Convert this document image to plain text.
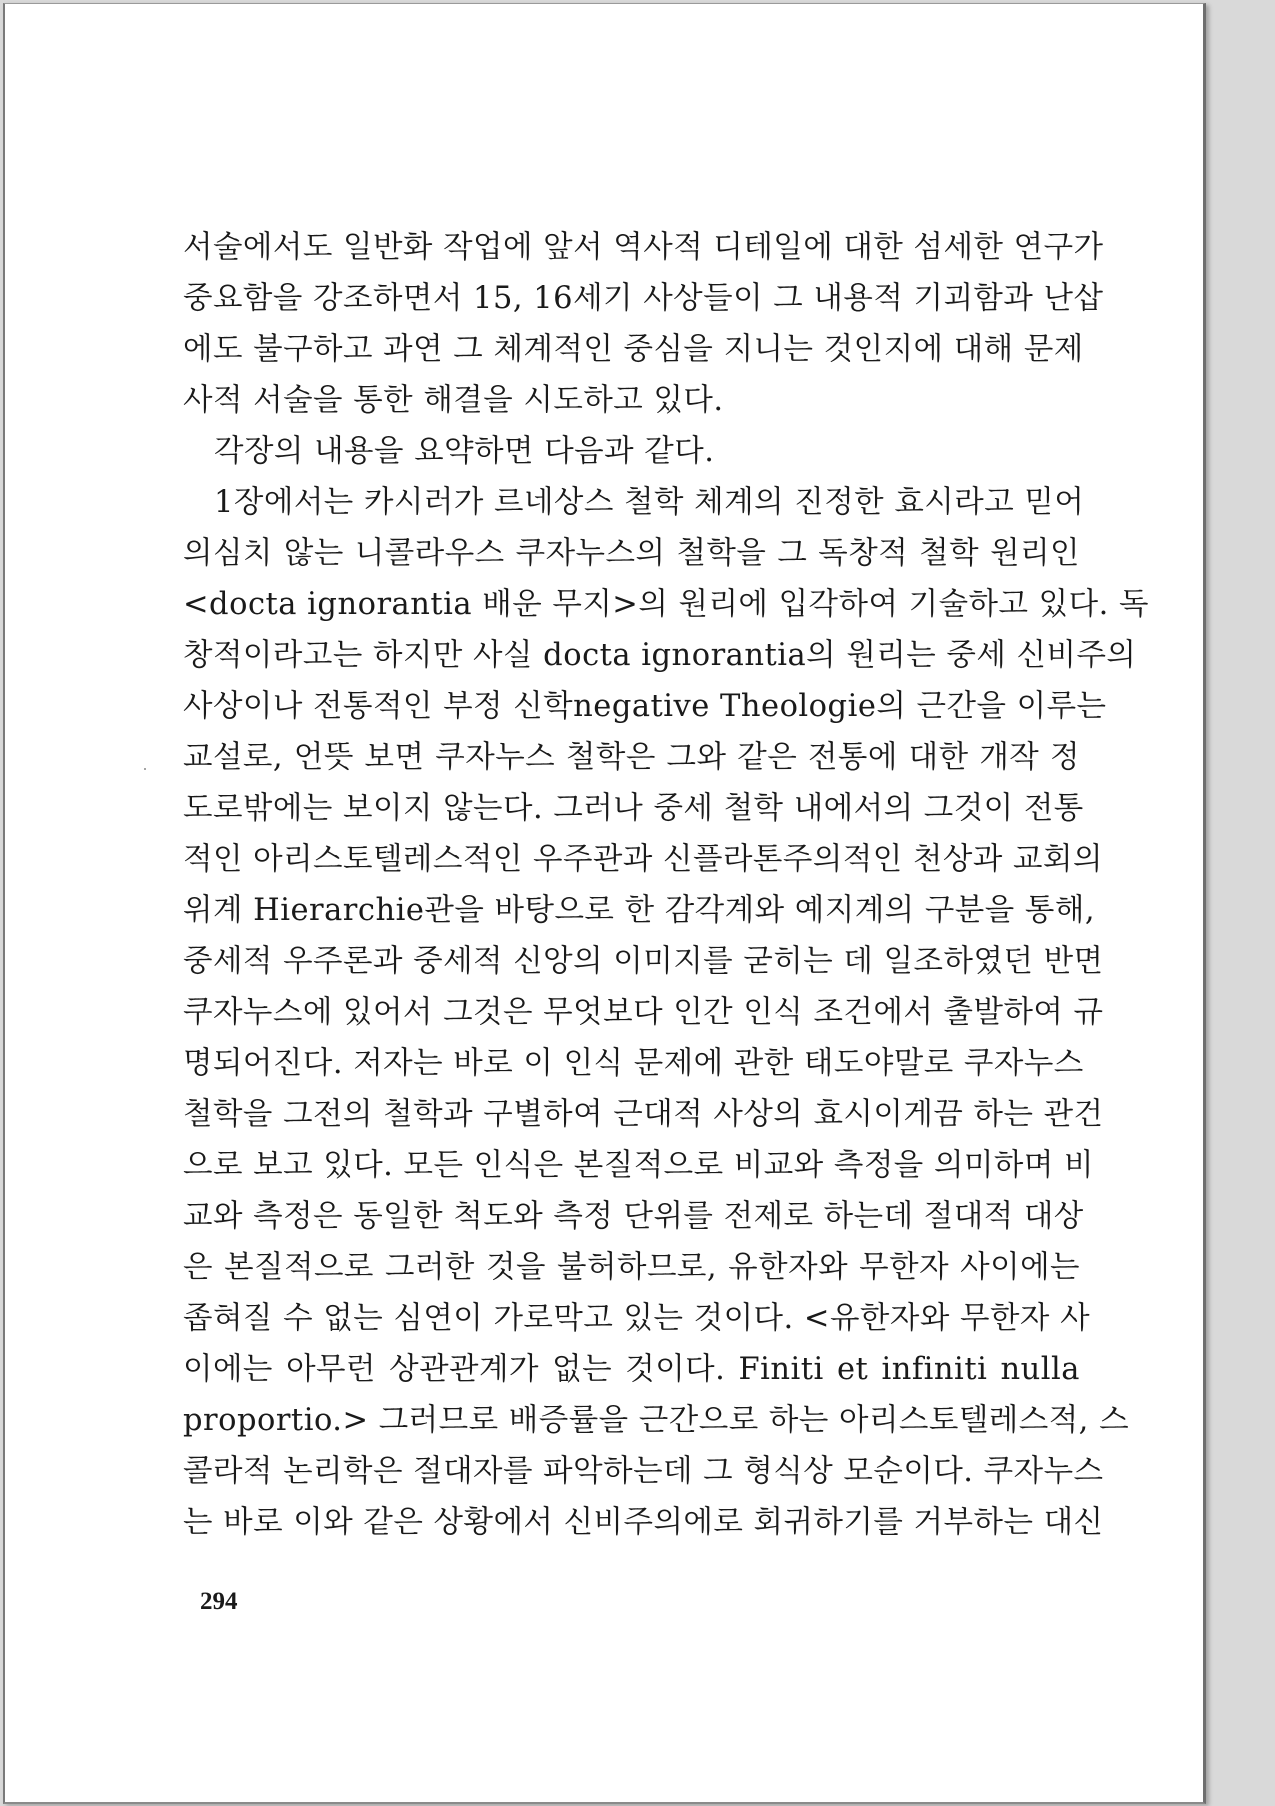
서술에서도 일반화 작업에 앞서 역사적 디테일에 대한 섬세한 연구가
중요함을 강조하면서 15, 16세기 사상들이 그 내용적 기괴함과 난삽
에도 불구하고 과연 그 체계적인 중심을 지니는 것인지에 대해 문제
사적 서술을 통한 해결을 시도하고 있다.
각장의 내용을 요약하면 다음과 같다.
1장에서는 카시러가 르네상스 철학 체계의 진정한 효시라고 믿어
의심치 않는 니콜라우스 쿠자누스의 철학을 그 독창적 철학 원리인
<docta ignorantia 배운 무지>의 원리에 입각하여 기술하고 있다. 독
창적이라고는 하지만 사실 docta ignorantia의 원리는 중세 신비주의
사상이나 전통적인 부정 신학negative Theologie의 근간을 이루는
교설로, 언뜻 보면 쿠자누스 철학은 그와 같은 전통에 대한 개작 정
도로밖에는 보이지 않는다. 그러나 중세 철학 내에서의 그것이 전통
적인 아리스토텔레스적인 우주관과 신플라톤주의적인 천상과 교회의
위계 Hierarchie관을 바탕으로 한 감각계와 예지계의 구분을 통해,
중세적 우주론과 중세적 신앙의 이미지를 굳히는 데 일조하였던 반면
쿠자누스에 있어서 그것은 무엇보다 인간 인식 조건에서 출발하여 규
명되어진다. 저자는 바로 이 인식 문제에 관한 태도야말로 쿠자누스
철학을 그전의 철학과 구별하여 근대적 사상의 효시이게끔 하는 관건
으로 보고 있다. 모든 인식은 본질적으로 비교와 측정을 의미하며 비
교와 측정은 동일한 척도와 측정 단위를 전제로 하는데 절대적 대상
은 본질적으로 그러한 것을 불허하므로, 유한자와 무한자 사이에는
좁혀질 수 없는 심연이 가로막고 있는 것이다. <유한자와 무한자 사
이에는 아무런 상관관계가 없는 것이다. Finiti et infiniti nulla
proportio.> 그러므로 배증률을 근간으로 하는 아리스토텔레스적, 스
콜라적 논리학은 절대자를 파악하는데 그 형식상 모순이다. 쿠자누스
는 바로 이와 같은 상황에서 신비주의에로 회귀하기를 거부하는 대신
294
